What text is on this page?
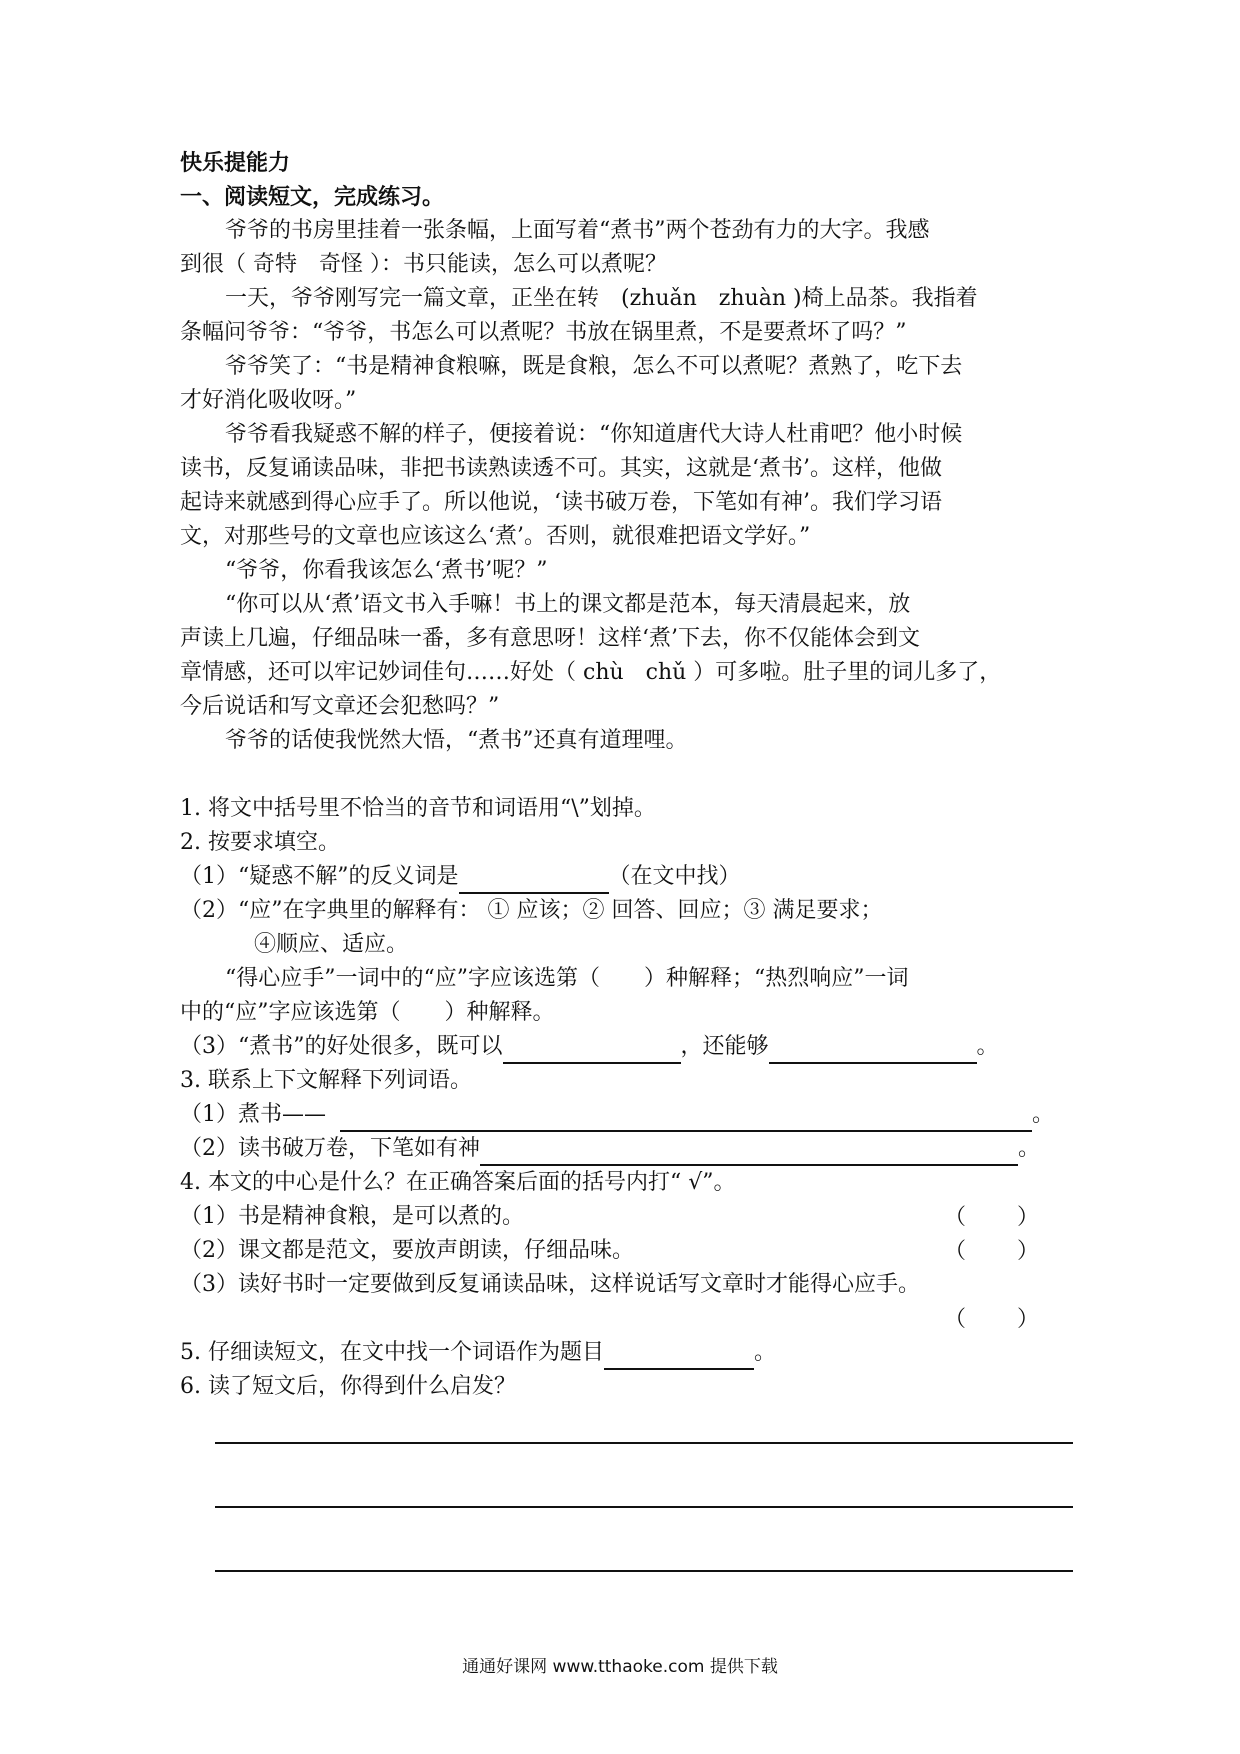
快乐提能力
一、阅读短文，完成练习。
爷爷的书房里挂着一张条幅，上面写着“煮书”两个苍劲有力的大字。我感
到很（ 奇特　奇怪 ）：书只能读，怎么可以煮呢？
一天，爷爷刚写完一篇文章，正坐在转　(zhuǎn　zhuàn )椅上品茶。我指着
条幅问爷爷：“爷爷，书怎么可以煮呢？书放在锅里煮，不是要煮坏了吗？”
爷爷笑了：“书是精神食粮嘛，既是食粮，怎么不可以煮呢？煮熟了，吃下去
才好消化吸收呀。”
爷爷看我疑惑不解的样子，便接着说：“你知道唐代大诗人杜甫吧？他小时候
读书，反复诵读品味，非把书读熟读透不可。其实，这就是‘煮书’。这样，他做
起诗来就感到得心应手了。所以他说，‘读书破万卷，下笔如有神’。我们学习语
文，对那些号的文章也应该这么‘煮’。否则，就很难把语文学好。”
“爷爷，你看我该怎么‘煮书’呢？”
“你可以从‘煮’语文书入手嘛！书上的课文都是范本，每天清晨起来，放
声读上几遍，仔细品味一番，多有意思呀！这样‘煮’下去，你不仅能体会到文
章情感，还可以牢记妙词佳句……好处（ chù　chǔ ）可多啦。肚子里的词儿多了，
今后说话和写文章还会犯愁吗？”
爷爷的话使我恍然大悟，“煮书”还真有道理哩。
1. 将文中括号里不恰当的音节和词语用“\”划掉。
2. 按要求填空。
（1）“疑惑不解”的反义词是	（在文中找）
（2）“应”在字典里的解释有： ① 应该；② 回答、回应；③ 满足要求；
④顺应、适应。
“得心应手”一词中的“应”字应该选第（　　）种解释；“热烈响应”一词
中的“应”字应该选第（　　）种解释。
（3）“煮书”的好处很多，既可以	，还能够	。
3. 联系上下文解释下列词语。
（1）煮书——	。
（2）读书破万卷，下笔如有神	。
4. 本文的中心是什么？在正确答案后面的括号内打“ √”。
（1）书是精神食粮，是可以煮的。	（　　 ）
（2）课文都是范文，要放声朗读，仔细品味。	（　　 ）
（3）读好书时一定要做到反复诵读品味，这样说话写文章时才能得心应手。
（　　 ）
5. 仔细读短文，在文中找一个词语作为题目	。
6. 读了短文后，你得到什么启发？
通通好课网 www.tthaoke.com 提供下载
